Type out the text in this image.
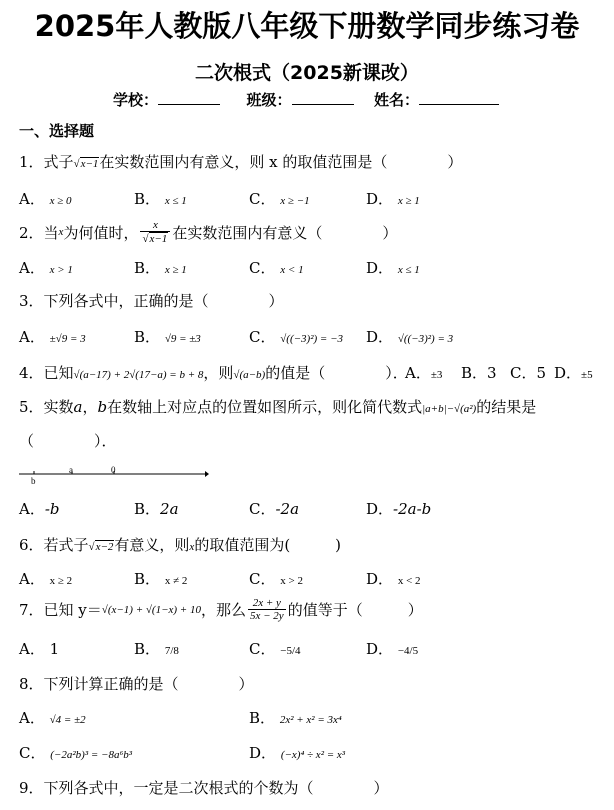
2025年人教版八年级下册数学同步练习卷
二次根式（2025新课改）
学校：	班级：	姓名：
一、选择题
1．式子√x−1在实数范围内有意义，则 x 的取值范围是（　　　　）
A． x ≥ 0	B． x ≤ 1	C． x ≥ −1	D． x ≥ 1
2．当 x 为何值时， $\frac{x}{√x-1}$ 在实数范围内有意义（　　　　）
A． x > 1	B． x ≥ 1	C． x < 1	D． x ≤ 1
3．下列各式中，正确的是（　　　　）
A． ±√9 = 3	B． √9 = ±3	C． √((−3)²) = −3 D． √((−3)²) = 3
4．已知√(a−17) + 2√(17−a) = b + 8，则√(a−b)的值是（　　　　）．
A．±3 B．3 C．5 D．±5
5．实数a，b在数轴上对应点的位置如图所示，则化简代数式|a+b|−√(a²)的结果是
（　　　　）．
b
a	0
A．-b	B．2a	C．-2a	D．-2a-b
6．若式子√x−2有意义，则x的取值范围为(　　　)
A． x ≥ 2	B． x ≠ 2	C． x > 2	D． x < 2
7．已知 y＝ √(x−1) + √(1−x) + 10 ，那么 $\frac{2x + y}{5x - 2y}$ 的值等于（　　　）
A． 1	B． 7/8	C． −5/4	D． −4/5
8．下列计算正确的是（　　　　）
A． √4 = ±2	B． 2x² + x² = 3x⁴
C． (−2a²b)³ = −8a⁶b³	D． (−x)⁴ ÷ x² = x³
9．下列各式中，一定是二次根式的个数为（　　　　）
